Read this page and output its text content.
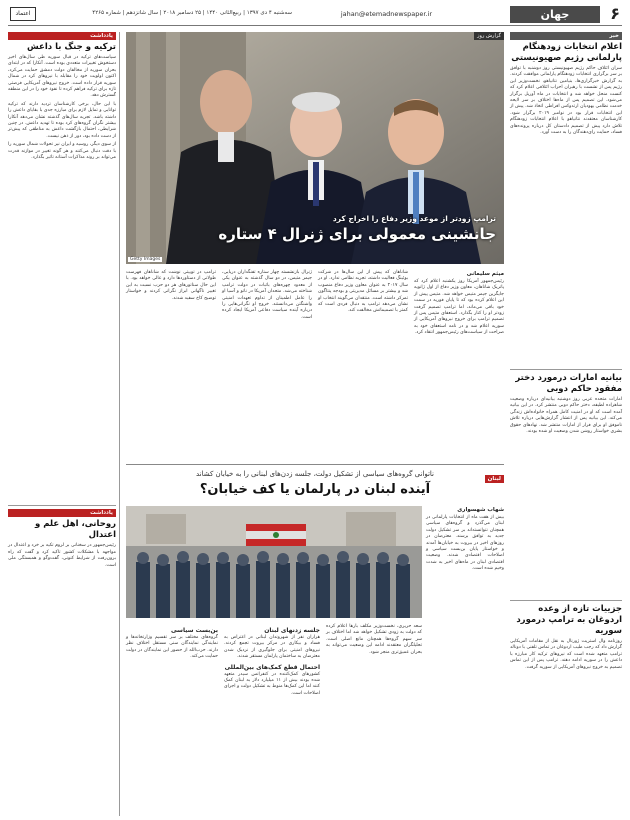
۶
جهان
jahan@etemadnewspaper.ir
سه‌شنبه ۴ دی ۱۳۹۷ | ربیع‌الثانی ۱۴۴۰ | ۲۵ دسامبر ۲۰۱۸ | سال شانزدهم | شماره ۴۲۶۵
اعتماد
خبر
اعلام انتخابات زودهنگام پارلمانی رژیم صهیونیستی
سران ائتلاف حاکم رژیم صهیونیستی روز دوشنبه با توافق بر سر برگزاری انتخابات زودهنگام پارلمانی موافقت کردند. به گزارش خبرگزاری‌ها، بنیامین نتانیاهو، نخست‌وزیر این رژیم پس از نشست با رهبران احزاب ائتلافی اعلام کرد که کنست منحل خواهد شد و انتخابات در ماه آوریل برگزار می‌شود. این تصمیم پس از ماه‌ها اختلاف بر سر لایحه خدمت نظامی یهودیان ارتدوکس افراطی اتخاذ شد. پیش از این انتخابات قرار بود در نوامبر ۲۰۱۹ برگزار شود. کارشناسان معتقدند نتانیاهو با اعلام انتخابات زودهنگام تلاش دارد پیش از تصمیم دادستان کل درباره پرونده‌های فساد، حمایت رای‌دهندگان را به دست آورد.
بیانیه امارات درمورد دختر مفقود حاکم دوبی
امارات متحده عربی روز دوشنبه بیانیه‌ای درباره وضعیت شاهزاده لطیفه، دختر حاکم دوبی منتشر کرد. در این بیانیه آمده است که او در امنیت کامل همراه خانواده‌اش زندگی می‌کند. این بیانیه پس از انتشار گزارش‌هایی درباره تلاش ناموفق او برای فرار از امارات منتشر شد. نهادهای حقوق بشری خواستار روشن شدن وضعیت او شده بودند.
جزییات تازه از وعده اردوغان به ترامپ درمورد سوریه
روزنامه وال استریت ژورنال به نقل از مقامات آمریکایی گزارش داد که رجب طیب اردوغان در تماس تلفنی با دونالد ترامپ متعهد شده است که نیروهای ترکیه کار مبارزه با داعش را در سوریه ادامه دهند. ترامپ پس از این تماس تصمیم به خروج نیروهای آمریکایی از سوریه گرفت.
گزارش روز
ترامپ زودتر از موعد وزیر دفاع را اخراج کرد
جانشینی معمولی برای ژنرال ۴ ستاره
Getty Images
میثم سلیمانی
رئیس‌جمهور آمریکا روز یکشنبه اعلام کرد که پاتریک شاناهان، معاون وزیر دفاع از اول ژانویه جایگزین جیمز متیس خواهد شد. متیس پیش از این اعلام کرده بود که تا پایان فوریه در سمت خود باقی می‌ماند، اما ترامپ تصمیم گرفت زودتر او را کنار بگذارد. استعفای متیس پس از تصمیم ترامپ برای خروج نیروهای آمریکایی از سوریه اعلام شد و در نامه استعفای خود به صراحت از سیاست‌های رئیس‌جمهور انتقاد کرد.
شاناهان که پیش از این سال‌ها در شرکت بوئینگ فعالیت داشته، تجربه نظامی ندارد. او در سال ۲۰۱۷ به عنوان معاون وزیر دفاع منصوب شد و بیشتر بر مسائل مدیریتی و بودجه پنتاگون تمرکز داشته است. منتقدان می‌گویند انتخاب او نشان می‌دهد ترامپ به دنبال فردی است که کمتر با تصمیماتش مخالفت کند.
ژنرال بازنشسته چهار ستاره تفنگداران دریایی، جیمز متیس، در دو سال گذشته به عنوان یکی از معدود چهره‌های باثبات در دولت ترامپ شناخته می‌شد. متحدان آمریکا در ناتو و آسیا او را عامل اطمینان از تداوم تعهدات امنیتی واشنگتن می‌دانستند. خروج او نگرانی‌هایی را درباره آینده سیاست دفاعی آمریکا ایجاد کرده است.
ترامپ در توییتی نوشت که شاناهان فهرست طولانی از دستاوردها دارد و عالی خواهد بود. با این حال سناتورهای هر دو حزب نسبت به این تغییر ناگهانی ابراز نگرانی کردند و خواستار توضیح کاخ سفید شدند.
لبنان
ناتوانی گروه‌های سیاسی از تشکیل دولت، جلسه زدن‌های لبنانی را به خیابان کشاند
آینده لبنان در پارلمان یا کف خیابان؟
شهاب شهسواری
بیش از هفت ماه از انتخابات پارلمانی در لبنان می‌گذرد و گروه‌های سیاسی همچنان نتوانسته‌اند بر سر تشکیل دولت جدید به توافق برسند. معترضان در روزهای اخیر در بیروت به خیابان‌ها آمدند و خواستار پایان بن‌بست سیاسی و اصلاحات اقتصادی شدند. وضعیت اقتصادی لبنان در ماه‌های اخیر به شدت وخیم شده است.
سعد حریری، نخست‌وزیر مکلف بارها اعلام کرده که دولت به زودی تشکیل خواهد شد اما اختلاف بر سر سهم گروه‌ها همچنان مانع اصلی است. تحلیلگران معتقدند ادامه این وضعیت می‌تواند به بحران عمیق‌تری منجر شود.
جلسه زدنهای لبنان
هزاران نفر از شهروندان لبنانی در اعتراض به فساد و بیکاری در مرکز بیروت تجمع کردند. نیروهای امنیتی برای جلوگیری از نزدیک شدن معترضان به ساختمان پارلمان مستقر شدند.
احتمال قطع کمک‌های بین‌المللی
کشورهای کمک‌کننده در کنفرانس سیدر متعهد شده بودند بیش از ۱۱ میلیارد دلار به لبنان کمک کنند اما این کمک‌ها منوط به تشکیل دولت و اجرای اصلاحات است.
بن‌بست سیاسی
گروه‌های مختلف بر سر تقسیم وزارتخانه‌ها و نمایندگی نمایندگان سنی مستقل اختلاف نظر دارند. حزب‌الله از حضور این نمایندگان در دولت حمایت می‌کند.
یادداشت
ترکیه و جنگ با داعش
سیاست‌های ترکیه در قبال سوریه طی سال‌های اخیر دستخوش تغییرات متعددی بوده است. آنکارا که در ابتدای بحران سوریه از مخالفان دولت دمشق حمایت می‌کرد، اکنون اولویت خود را مقابله با نیروهای کرد در شمال سوریه قرار داده است. خروج نیروهای آمریکایی فرصتی تازه برای ترکیه فراهم کرده تا نفوذ خود را در این منطقه گسترش دهد.
با این حال، برخی کارشناسان تردید دارند که ترکیه توانایی و تمایل لازم برای مبارزه جدی با بقایای داعش را داشته باشد. تجربه سال‌های گذشته نشان می‌دهد آنکارا بیشتر نگران گروه‌های کرد بوده تا تهدید داعش. در چنین شرایطی، احتمال بازگشت داعش به مناطقی که پیش‌تر از دست داده بود، دور از ذهن نیست.
از سوی دیگر، روسیه و ایران نیز تحولات شمال سوریه را با دقت دنبال می‌کنند و هر گونه تغییر در موازنه قدرت می‌تواند بر روند مذاکرات آستانه تاثیر بگذارد.
یادداشت
روحانی، اهل علم و اعتدال
رئیس‌جمهور در سخنانی بر لزوم تکیه بر خرد و اعتدال در مواجهه با مشکلات کشور تاکید کرد و گفت که راه برون‌رفت از شرایط کنونی، گفت‌وگو و همبستگی ملی است.
